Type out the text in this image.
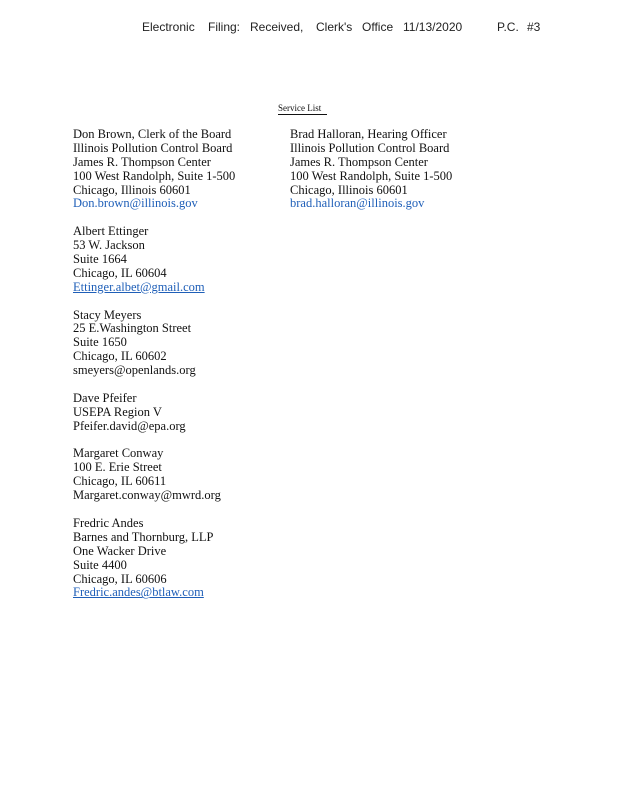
Electronic Filing: Received, Clerk's Office 11/13/2020	P.C. #3
Service List
Don Brown, Clerk of the Board
Illinois Pollution Control Board
James R. Thompson Center
100 West Randolph, Suite 1-500
Chicago, Illinois 60601
Don.brown@illinois.gov
Albert Ettinger
53 W. Jackson
Suite 1664
Chicago, IL 60604
Ettinger.albet@gmail.com
Stacy Meyers
25 E.Washington Street
Suite 1650
Chicago, IL 60602
smeyers@openlands.org
Dave Pfeifer
USEPA Region V
Pfeifer.david@epa.org
Margaret Conway
100 E. Erie Street
Chicago, IL 60611
Margaret.conway@mwrd.org
Fredric Andes
Barnes and Thornburg, LLP
One Wacker Drive
Suite 4400
Chicago, IL 60606
Fredric.andes@btlaw.com
Brad Halloran, Hearing Officer
Illinois Pollution Control Board
James R. Thompson Center
100 West Randolph, Suite 1-500
Chicago, Illinois 60601
brad.halloran@illinois.gov
